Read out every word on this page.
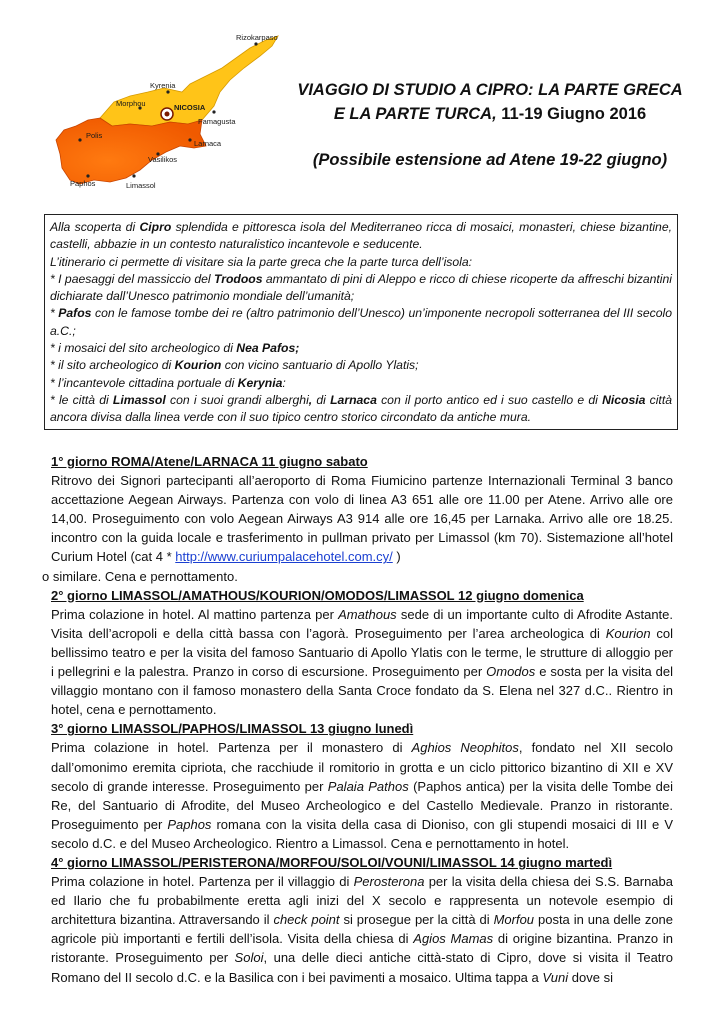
Rizokarpaso
Kyrenia
Morphou	NICOSIA
Famagusta
Polis
Larnaca
Vasilikos
Paphos	Limassol
VIAGGIO DI STUDIO A CIPRO: LA PARTE GRECA
E LA PARTE TURCA, 11-19 Giugno 2016
(Possibile estensione ad Atene 19-22 giugno)
Alla scoperta di Cipro splendida e pittoresca isola del Mediterraneo ricca di mosaici, monasteri, chiese bizantine, castelli, abbazie in un contesto naturalistico incantevole e seducente.
L’itinerario ci permette di visitare sia la parte greca che la parte turca dell’isola:
* I paesaggi del massiccio del Trodoos ammantato di pini di Aleppo e ricco di chiese ricoperte da affreschi bizantini dichiarate dall’Unesco patrimonio mondiale dell’umanità;
* Pafos con le famose tombe dei re (altro patrimonio dell’Unesco) un’imponente necropoli sotterranea del III secolo a.C.;
* i mosaici del sito archeologico di Nea Pafos;
* il sito archeologico di Kourion con vicino santuario di Apollo Ylatis;
* l’incantevole cittadina portuale di Kerynia:
* le città di Limassol con i suoi grandi alberghi, di Larnaca con il porto antico ed i suo castello e di Nicosia città ancora divisa dalla linea verde con il suo tipico centro storico circondato da antiche mura.
1° giorno ROMA/Atene/LARNACA 11 giugno sabato
Ritrovo dei Signori partecipanti all’aeroporto di Roma Fiumicino partenze Internazionali Terminal 3 banco accettazione Aegean Airways. Partenza con volo di linea A3 651 alle ore 11.00 per Atene. Arrivo alle ore 14,00. Proseguimento con volo Aegean Airways A3 914 alle ore 16,45 per Larnaka. Arrivo alle ore 18.25. incontro con la guida locale e trasferimento in pullman privato per Limassol (km 70). Sistemazione all’hotel Curium Hotel (cat 4 * http://www.curiumpalacehotel.com.cy/ )
o similare. Cena e pernottamento.
2° giorno LIMASSOL/AMATHOUS/KOURION/OMODOS/LIMASSOL 12 giugno domenica
Prima colazione in hotel. Al mattino partenza per Amathous sede di un importante culto di Afrodite Astante. Visita dell’acropoli e della città bassa con l’agorà. Proseguimento per l’area archeologica di Kourion col bellissimo teatro e per la visita del famoso Santuario di Apollo Ylatis con le terme, le strutture di alloggio per i pellegrini e la palestra. Pranzo in corso di escursione. Proseguimento per Omodos e sosta per la visita del villaggio montano con il famoso monastero della Santa Croce fondato da S. Elena nel 327 d.C.. Rientro in hotel, cena e pernottamento.
3° giorno LIMASSOL/PAPHOS/LIMASSOL 13 giugno lunedì
Prima colazione in hotel. Partenza per il monastero di Aghios Neophitos, fondato nel XII secolo dall’omonimo eremita cipriota, che racchiude il romitorio in grotta e un ciclo pittorico bizantino di XII e XV secolo di grande interesse. Proseguimento per Palaia Pathos (Paphos antica) per la visita delle Tombe dei Re, del Santuario di Afrodite, del Museo Archeologico e del Castello Medievale. Pranzo in ristorante. Proseguimento per Paphos romana con la visita della casa di Dioniso, con gli stupendi mosaici di III e V secolo d.C. e del Museo Archeologico. Rientro a Limassol. Cena e pernottamento in hotel.
4° giorno LIMASSOL/PERISTERONA/MORFOU/SOLOI/VOUNI/LIMASSOL 14 giugno martedì
Prima colazione in hotel. Partenza per il villaggio di Perosterona per la visita della chiesa dei S.S. Barnaba ed Ilario che fu probabilmente eretta agli inizi del X secolo e rappresenta un notevole esempio di architettura bizantina. Attraversando il check point si prosegue per la città di Morfou posta in una delle zone agricole più importanti e fertili dell’isola. Visita della chiesa di Agios Mamas di origine bizantina. Pranzo in ristorante. Proseguimento per Soloi, una delle dieci antiche città-stato di Cipro, dove si visita il Teatro Romano del II secolo d.C. e la Basilica con i bei pavimenti a mosaico. Ultima tappa a Vuni dove si
